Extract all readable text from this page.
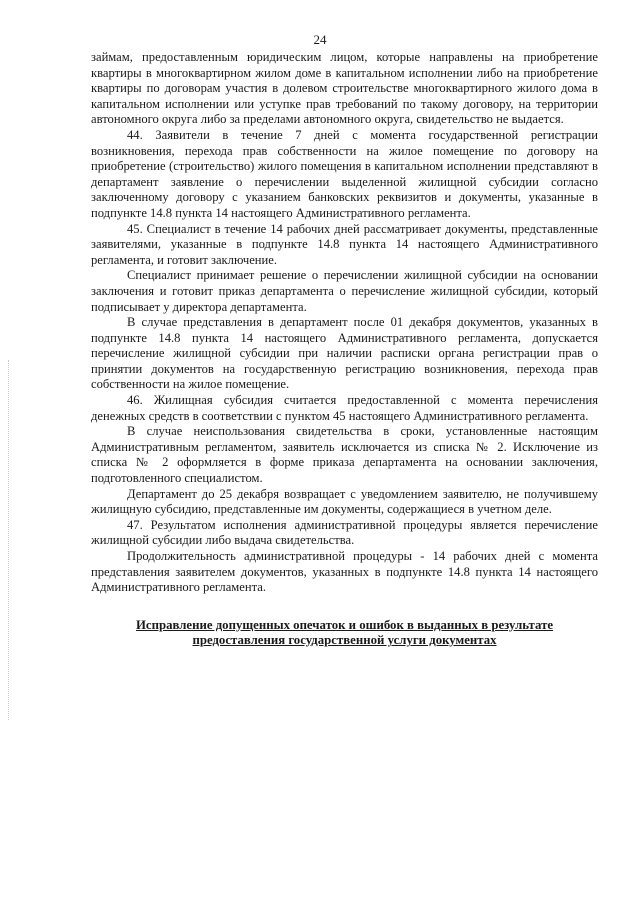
24

займам, предоставленным юридическим лицом, которые направлены на приобретение квартиры в многоквартирном жилом доме в капитальном исполнении либо на приобретение квартиры по договорам участия в долевом строительстве многоквартирного жилого дома в капитальном исполнении или уступке прав требований по такому договору, на территории автономного округа либо за пределами автономного округа, свидетельство не выдается.

44. Заявители в течение 7 дней с момента государственной регистрации возникновения, перехода прав собственности на жилое помещение по договору на приобретение (строительство) жилого помещения в капитальном исполнении представляют в департамент заявление о перечислении выделенной жилищной субсидии согласно заключенному договору с указанием банковских реквизитов и документы, указанные в подпункте 14.8 пункта 14 настоящего Административного регламента.

45. Специалист в течение 14 рабочих дней рассматривает документы, представленные заявителями, указанные в подпункте 14.8 пункта 14 настоящего Административного регламента, и готовит заключение.

Специалист принимает решение о перечислении жилищной субсидии на основании заключения и готовит приказ департамента о перечисление жилищной субсидии, который подписывает у директора департамента.

В случае представления в департамент после 01 декабря документов, указанных в подпункте 14.8 пункта 14 настоящего Административного регламента, допускается перечисление жилищной субсидии при наличии расписки органа регистрации прав о принятии документов на государственную регистрацию возникновения, перехода прав собственности на жилое помещение.

46. Жилищная субсидия считается предоставленной с момента перечисления денежных средств в соответствии с пунктом 45 настоящего Административного регламента.

В случае неиспользования свидетельства в сроки, установленные настоящим Административным регламентом, заявитель исключается из списка № 2. Исключение из списка № 2 оформляется в форме приказа департамента на основании заключения, подготовленного специалистом.

Департамент до 25 декабря возвращает с уведомлением заявителю, не получившему жилищную субсидию, представленные им документы, содержащиеся в учетном деле.

47. Результатом исполнения административной процедуры является перечисление жилищной субсидии либо выдача свидетельства.

Продолжительность административной процедуры - 14 рабочих дней с момента представления заявителем документов, указанных в подпункте 14.8 пункта 14 настоящего Административного регламента.

Исправление допущенных опечаток и ошибок в выданных в результате предоставления государственной услуги документах
